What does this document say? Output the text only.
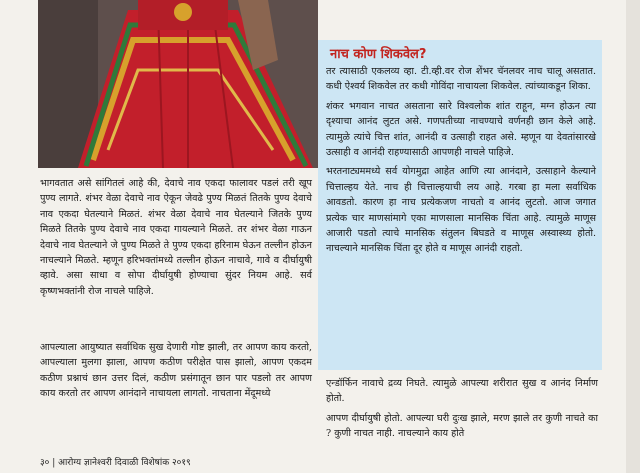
भागवतात असे सांगितलं आहे की, देवाचे नाव एकदा फालावर पडलं तरी खूप पुण्य लागते. शंभर वेळा देवाचे नाव ऐकून जेवढे पुण्य मिळतं तितके पुण्य देवाचे नाव एकदा घेतल्याने मिळतं. शंभर वेळा देवाचे नाव घेतल्याने जितके पुण्य मिळते तितके पुण्य देवाचे नाव एकदा गायल्याने मिळते. तर शंभर वेळा गाऊन देवाचे नाव घेतल्याने जे पुण्य मिळते ते पुण्य एकदा हरिनाम घेऊन तल्लीन होऊन नाचल्याने मिळते. म्हणून हरिभक्तांमध्ये तल्लीन होऊन नाचावे, गावे व दीर्घायुषी व्हावे. असा साधा व सोपा दीर्घायुषी होण्याचा सुंदर नियम आहे. सर्व कृष्णभक्तांनी रोज नाचले पाहिजे.

आपल्याला आयुष्यात सर्वाधिक सुख देणारी गोष्ट झाली, तर आपण काय करतो, आपल्याला मुलगा झाला, आपण कठीण परीक्षेत पास झालो, आपण एकदम कठीण प्रश्नाचं छान उत्तर दिलं, कठीण प्रसंगातून छान पार पडलो तर आपण काय करतो तर आपण आनंदाने नाचायला लागतो. नाचताना मेंदूमध्ये

नाच कोण शिकवेल?

तर त्यासाठी एकलव्य व्हा. टी.व्ही.वर रोज शेंभर चॅनलवर नाच चालू असतात. कधी ऐश्वर्य शिकवेल तर कधी गोविंदा नाचायला शिकवेल. त्यांच्याकडून शिका.

शंकर भगवान नाचत असताना सारे विश्वलोक शांत राहून, मग्न होऊन त्या दृश्याचा आनंद लुटत असे. गणपतीच्या नाचण्याचे वर्णनही छान केले आहे. त्यामुळे त्यांचे चित्त शांत, आनंदी व उत्साही राहत असे. म्हणून या देवतांसारखे उत्साही व आनंदी राहण्यासाठी आपणही नाचले पाहिजे.

भरतनाट्यममध्ये सर्व योगमुद्रा आहेत आणि त्या आनंदाने, उत्साहाने केल्याने चित्ताल्हय येते. नाच ही चित्ताल्हयाची लय आहे. गरबा हा मला सर्वाधिक आवडतो. कारण हा नाच प्रत्येकजण नाचतो व आनंद लुटतो. आज जगात प्रत्येक चार माणसांमागे एका माणसाला मानसिक चिंता आहे. त्यामुळे माणूस आजारी पडतो त्याचे मानसिक संतुलन बिघडते व माणूस अस्वास्थ्य होतो. नाचल्याने मानसिक चिंता दूर होते व माणूस आनंदी राहतो.

एन्डॉर्फिन नावाचे द्रव्य निघते. त्यामुळे आपल्या शरीरात सुख व आनंद निर्माण होतो.

आपण दीर्घायुषी होतो. आपल्या घरी दुःख झाले, मरण झाले तर कुणी नाचते का ? कुणी नाचत नाही. नाचल्याने काय होते

३० | आरोग्य ज्ञानेश्वरी दिवाळी विशेषांक २०१९
